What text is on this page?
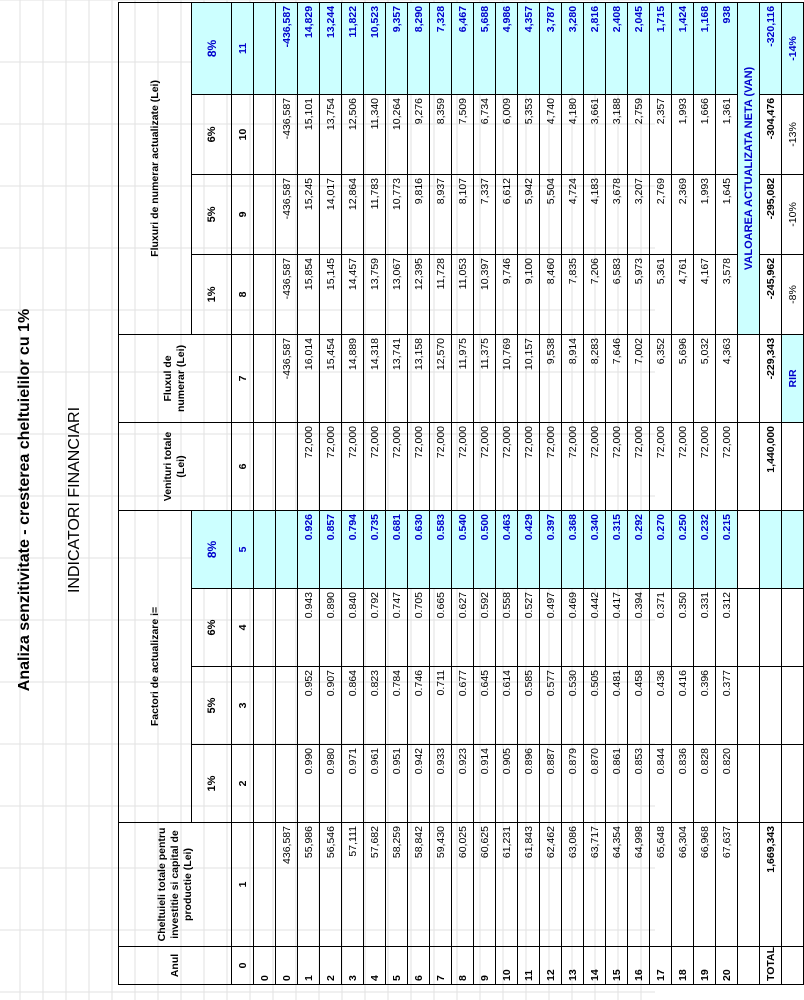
Analiza senzitivitate - cresterea cheltuielilor cu 1% INDICATORI FINANCIARI
Anul	Cheltuieli totale pentru investitie si capital de productie (Lei)	Factori de actualizare i=				Venituri totale (Lei)	Fluxul de numerar (Lei)	Fluxuri de numerar actualizate (Lei)			
		1%	5%	6%	8%			1%	5%	6%	8%
0	1	2	3	4	5	6	7	8	9	10	11
0											
0	436,587						-436,587	-436,587	-436,587	-436,587	-436,587
1	55,986	0.990	0.952	0.943	0.926	72,000	16,014	15,854	15,245	15,101	14,829
2	56,546	0.980	0.907	0.890	0.857	72,000	15,454	15,145	14,017	13,754	13,244
3	57,111	0.971	0.864	0.840	0.794	72,000	14,889	14,457	12,864	12,506	11,822
4	57,682	0.961	0.823	0.792	0.735	72,000	14,318	13,759	11,783	11,340	10,523
5	58,259	0.951	0.784	0.747	0.681	72,000	13,741	13,067	10,773	10,264	9,357
6	58,842	0.942	0.746	0.705	0.630	72,000	13,158	12,395	9,816	9,276	8,290
7	59,430	0.933	0.711	0.665	0.583	72,000	12,570	11,728	8,937	8,359	7,328
8	60,025	0.923	0.677	0.627	0.540	72,000	11,975	11,053	8,107	7,509	6,467
9	60,625	0.914	0.645	0.592	0.500	72,000	11,375	10,397	7,337	6,734	5,688
10	61,231	0.905	0.614	0.558	0.463	72,000	10,769	9,746	6,612	6,009	4,986
11	61,843	0.896	0.585	0.527	0.429	72,000	10,157	9,100	5,942	5,353	4,357
12	62,462	0.887	0.577	0.497	0.397	72,000	9,538	8,460	5,504	4,740	3,787
13	63,086	0.879	0.530	0.469	0.368	72,000	8,914	7,835	4,724	4,180	3,280
14	63,717	0.870	0.505	0.442	0.340	72,000	8,283	7,206	4,183	3,661	2,816
15	64,354	0.861	0.481	0.417	0.315	72,000	7,646	6,583	3,678	3,188	2,408
16	64,998	0.853	0.458	0.394	0.292	72,000	7,002	5,973	3,207	2,759	2,045
17	65,648	0.844	0.436	0.371	0.270	72,000	6,352	5,361	2,769	2,357	1,715
18	66,304	0.836	0.416	0.350	0.250	72,000	5,696	4,761	2,369	1,993	1,424
19	66,968	0.828	0.396	0.331	0.232	72,000	5,032	4,167	1,993	1,666	1,168
20	67,637	0.820	0.377	0.312	0.215	72,000	4,363	3,578	1,645	1,361	938
								VALOAREA ACTUALIZATA NETA (VAN)			
TOTAL	1,669,343					1,440,000	-229,343	-245,962	-295,082	-304,476	-320,116
							RIR	-8%	-10%	-13%	-14%
